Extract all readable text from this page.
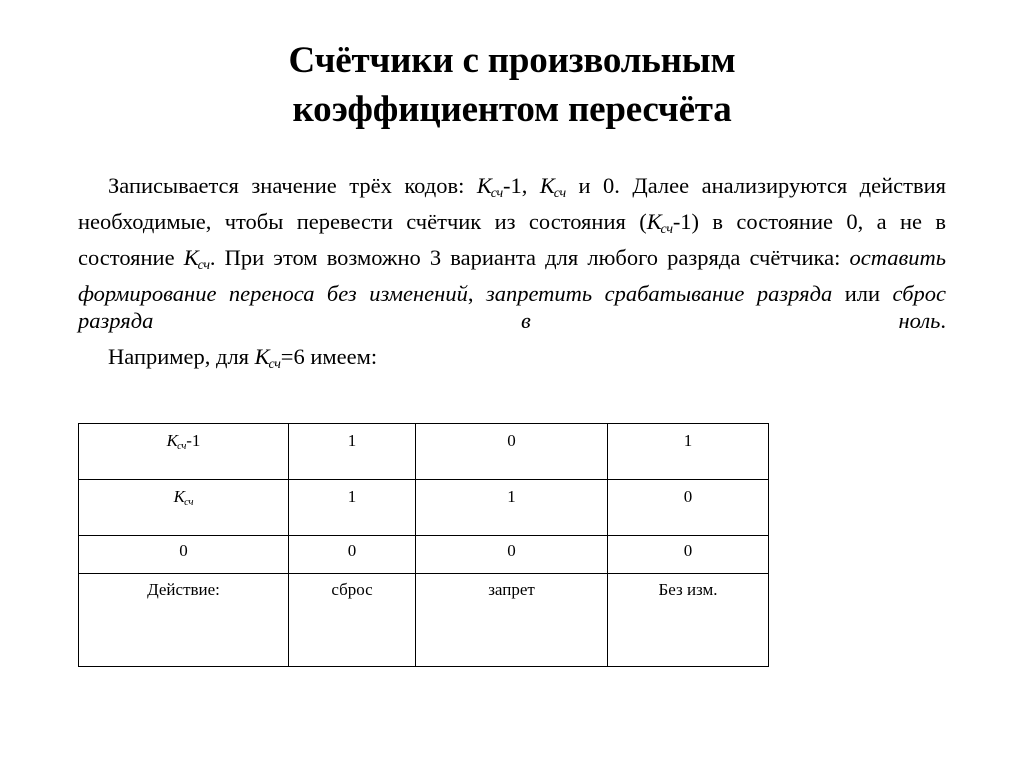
Счётчики с произвольным
коэффициентом пересчёта

Записывается значение трёх кодов: $К_{сч}-1$, $К_{сч}$ и 0. Далее анализируются действия необходимые, чтобы перевести счётчик из состояния $(К_{сч}-1)$ в состояние 0, а не в состояние $К_{сч}$. При этом возможно 3 варианта для любого разряда счётчика: оставить формирование переноса без изменений, запретить срабатывание разряда или сброс разряда в ноль.

Например, для $К_{сч}=6$ имеем:

$К_{сч}-1$	1	0	1

$К_{сч}$	1	1	0

0	0	0	0

Действие:	сброс	запрет	Без изм.
